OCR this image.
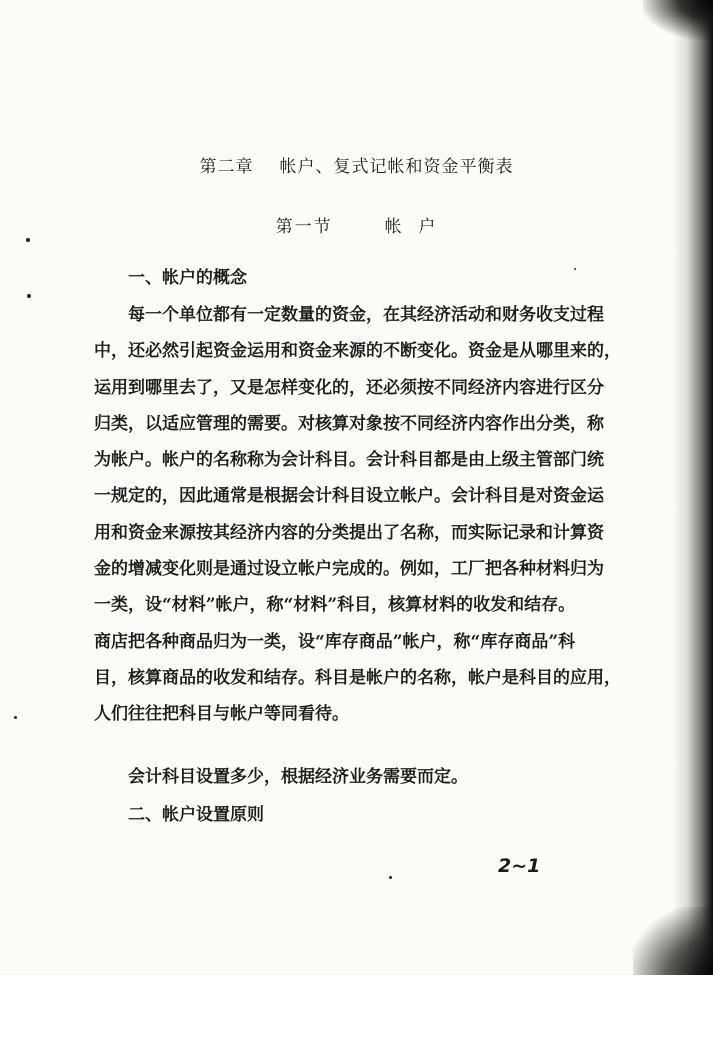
第二章 帐户、复式记帐和资金平衡表
第一节	帐  户
一、帐户的概念

每一个单位都有一定数量的资金，在其经济活动和财务收支过程

中，还必然引起资金运用和资金来源的不断变化。资金是从哪里来的，

运用到哪里去了，又是怎样变化的，还必须按不同经济内容进行区分

归类，以适应管理的需要。对核算对象按不同经济内容作出分类，称

为帐户。帐户的名称称为会计科目。会计科目都是由上级主管部门统

一规定的，因此通常是根据会计科目设立帐户。会计科目是对资金运

用和资金来源按其经济内容的分类提出了名称，而实际记录和计算资

金的增减变化则是通过设立帐户完成的。例如，工厂把各种材料归为

一类，设“材料”帐户，称“材料”科目，核算材料的收发和结存。

商店把各种商品归为一类，设“库存商品”帐户，称“库存商品”科

目，核算商品的收发和结存。科目是帐户的名称，帐户是科目的应用，

人们往往把科目与帐户等同看待。

会计科目设置多少，根据经济业务需要而定。
二、帐户设置原则
2~1
